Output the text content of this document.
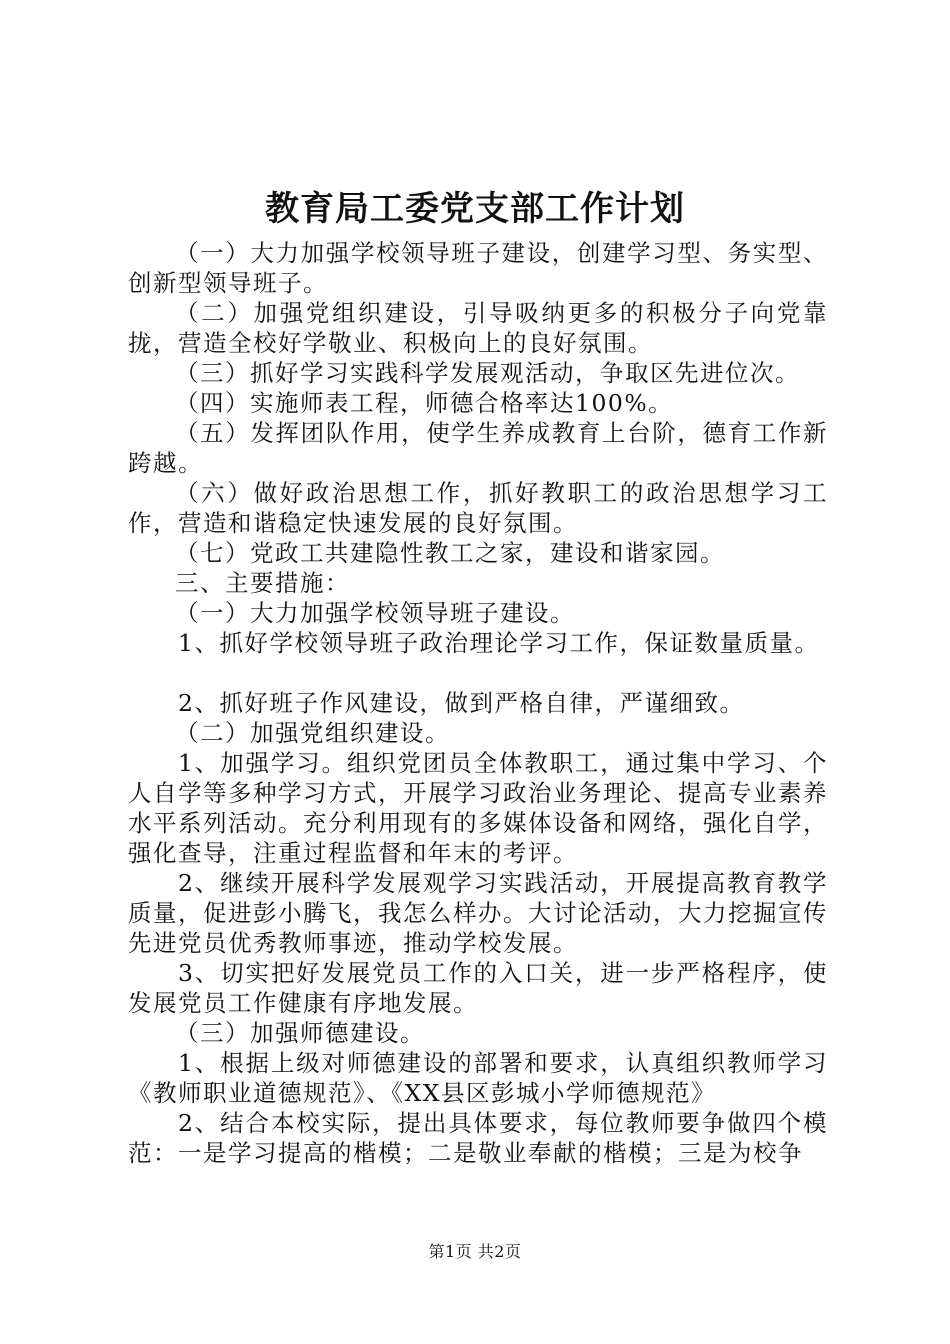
教育局工委党支部工作计划

（一）大力加强学校领导班子建设，创建学习型、务实型、创新型领导班子。

（二）加强党组织建设，引导吸纳更多的积极分子向党靠拢，营造全校好学敬业、积极向上的良好氛围。

（三）抓好学习实践科学发展观活动，争取区先进位次。

（四）实施师表工程，师德合格率达100%。

（五）发挥团队作用，使学生养成教育上台阶，德育工作新跨越。

（六）做好政治思想工作，抓好教职工的政治思想学习工作，营造和谐稳定快速发展的良好氛围。

（七）党政工共建隐性教工之家，建设和谐家园。

三、主要措施：

（一）大力加强学校领导班子建设。

1、抓好学校领导班子政治理论学习工作，保证数量质量。

2、抓好班子作风建设，做到严格自律，严谨细致。

（二）加强党组织建设。

1、加强学习。组织党团员全体教职工，通过集中学习、个人自学等多种学习方式，开展学习政治业务理论、提高专业素养水平系列活动。充分利用现有的多媒体设备和网络，强化自学，强化查导，注重过程监督和年末的考评。

2、继续开展科学发展观学习实践活动，开展提高教育教学质量，促进彭小腾飞，我怎么样办。大讨论活动，大力挖掘宣传先进党员优秀教师事迹，推动学校发展。

3、切实把好发展党员工作的入口关，进一步严格程序，使发展党员工作健康有序地发展。

（三）加强师德建设。

1、根据上级对师德建设的部署和要求，认真组织教师学习《教师职业道德规范》、《XX县区彭城小学师德规范》

2、结合本校实际，提出具体要求，每位教师要争做四个模范：一是学习提高的楷模；二是敬业奉献的楷模；三是为校争

第1页 共2页
